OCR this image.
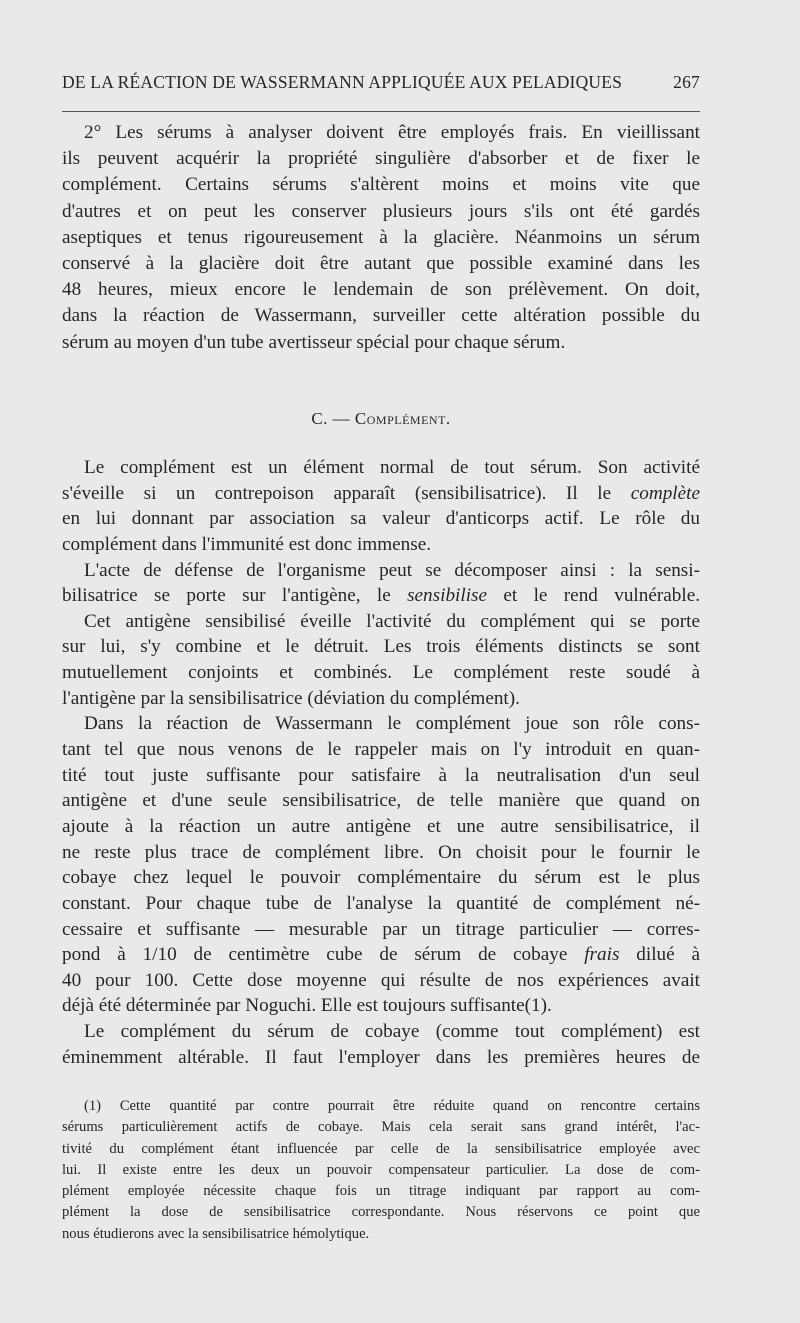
DE LA RÉACTION DE WASSERMANN APPLIQUÉE AUX PELADIQUES	267
2° Les sérums à analyser doivent être employés frais. En vieillissant
ils peuvent acquérir la propriété singulière d'absorber et de fixer le
complément. Certains sérums s'altèrent moins et moins vite que
d'autres et on peut les conserver plusieurs jours s'ils ont été gardés
aseptiques et tenus rigoureusement à la glacière. Néanmoins un sérum
conservé à la glacière doit être autant que possible examiné dans les
48 heures, mieux encore le lendemain de son prélèvement. On doit,
dans la réaction de Wassermann, surveiller cette altération possible du
sérum au moyen d'un tube avertisseur spécial pour chaque sérum.
C. — Complément.
Le complément est un élément normal de tout sérum. Son activité
s'éveille si un contrepoison apparaît (sensibilisatrice). Il le complète
en lui donnant par association sa valeur d'anticorps actif. Le rôle du
complément dans l'immunité est donc immense.
L'acte de défense de l'organisme peut se décomposer ainsi : la sensi-
bilisatrice se porte sur l'antigène, le sensibilise et le rend vulnérable.
Cet antigène sensibilisé éveille l'activité du complément qui se porte
sur lui, s'y combine et le détruit. Les trois éléments distincts se sont
mutuellement conjoints et combinés. Le complément reste soudé à
l'antigène par la sensibilisatrice (déviation du complément).
Dans la réaction de Wassermann le complément joue son rôle cons-
tant tel que nous venons de le rappeler mais on l'y introduit en quan-
tité tout juste suffisante pour satisfaire à la neutralisation d'un seul
antigène et d'une seule sensibilisatrice, de telle manière que quand on
ajoute à la réaction un autre antigène et une autre sensibilisatrice, il
ne reste plus trace de complément libre. On choisit pour le fournir le
cobaye chez lequel le pouvoir complémentaire du sérum est le plus
constant. Pour chaque tube de l'analyse la quantité de complément né-
cessaire et suffisante — mesurable par un titrage particulier — corres-
pond à 1/10 de centimètre cube de sérum de cobaye frais dilué à
40 pour 100. Cette dose moyenne qui résulte de nos expériences avait
déjà été déterminée par Noguchi. Elle est toujours suffisante(1).
Le complément du sérum de cobaye (comme tout complément) est
éminemment altérable. Il faut l'employer dans les premières heures de
(1) Cette quantité par contre pourrait être réduite quand on rencontre certains
sérums particulièrement actifs de cobaye. Mais cela serait sans grand intérêt, l'ac-
tivité du complément étant influencée par celle de la sensibilisatrice employée avec
lui. Il existe entre les deux un pouvoir compensateur particulier. La dose de com-
plément employée nécessite chaque fois un titrage indiquant par rapport au com-
plément la dose de sensibilisatrice correspondante. Nous réservons ce point que
nous étudierons avec la sensibilisatrice hémolytique.
